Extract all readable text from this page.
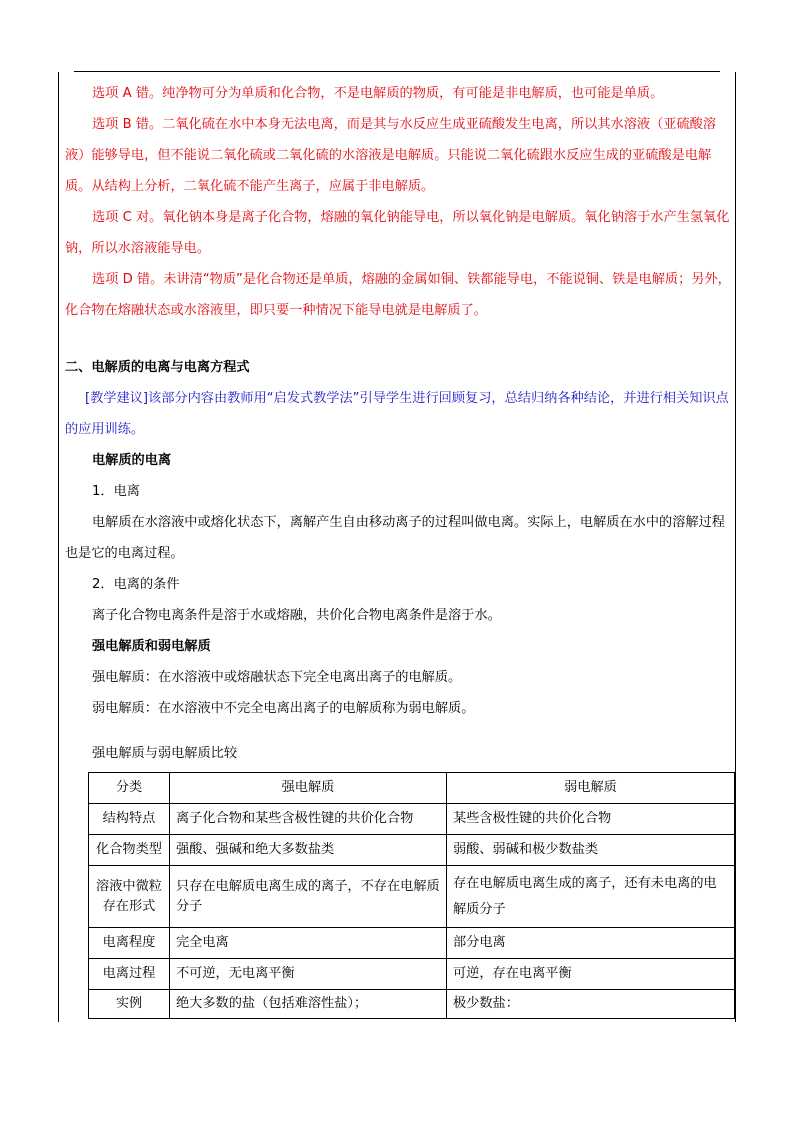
选项 A 错。纯净物可分为单质和化合物，不是电解质的物质，有可能是非电解质，也可能是单质。

选项 B 错。二氧化硫在水中本身无法电离，而是其与水反应生成亚硫酸发生电离，所以其水溶液（亚硫酸溶液）能够导电，但不能说二氧化硫或二氧化硫的水溶液是电解质。只能说二氧化硫跟水反应生成的亚硫酸是电解质。从结构上分析，二氧化硫不能产生离子，应属于非电解质。

选项 C 对。氧化钠本身是离子化合物，熔融的氧化钠能导电，所以氧化钠是电解质。氧化钠溶于水产生氢氧化钠，所以水溶液能导电。

选项 D 错。未讲清“物质”是化合物还是单质，熔融的金属如铜、铁都能导电，不能说铜、铁是电解质；另外，化合物在熔融状态或水溶液里，即只要一种情况下能导电就是电解质了。

二、电解质的电离与电离方程式

[教学建议]该部分内容由教师用“启发式教学法”引导学生进行回顾复习，总结归纳各种结论，并进行相关知识点的应用训练。

电解质的电离

1．电离

电解质在水溶液中或熔化状态下，离解产生自由移动离子的过程叫做电离。实际上，电解质在水中的溶解过程也是它的电离过程。

2．电离的条件

离子化合物电离条件是溶于水或熔融，共价化合物电离条件是溶于水。

强电解质和弱电解质

强电解质：在水溶液中或熔融状态下完全电离出离子的电解质。

弱电解质：在水溶液中不完全电离出离子的电解质称为弱电解质。

强电解质与弱电解质比较

分类	强电解质	弱电解质
结构特点	离子化合物和某些含极性键的共价化合物	某些含极性键的共价化合物
化合物类型	强酸、强碱和绝大多数盐类	弱酸、弱碱和极少数盐类
溶液中微粒存在形式	只存在电解质电离生成的离子，不存在电解质分子	存在电解质电离生成的离子，还有未电离的电解质分子
电离程度	完全电离	部分电离
电离过程	不可逆，无电离平衡	可逆，存在电离平衡
实例	绝大多数的盐（包括难溶性盐）；	极少数盐：
